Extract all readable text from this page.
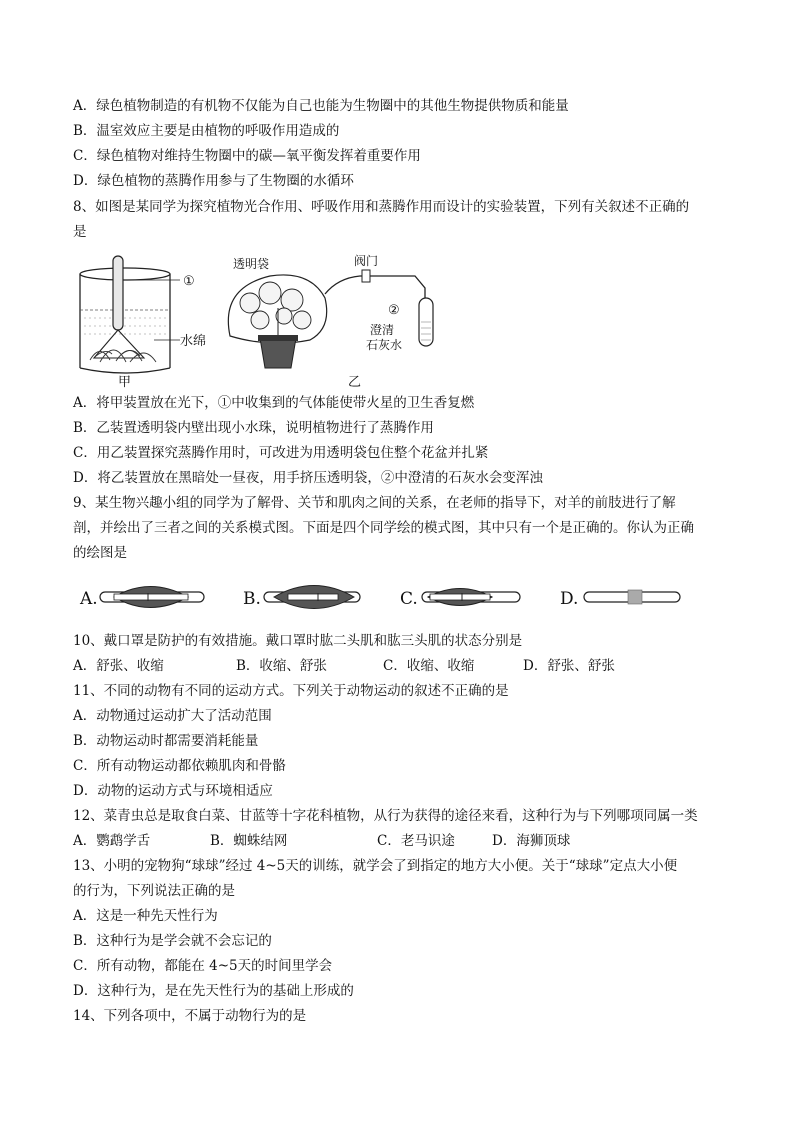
A．绿色植物制造的有机物不仅能为自己也能为生物圈中的其他生物提供物质和能量
B．温室效应主要是由植物的呼吸作用造成的
C．绿色植物对维持生物圈中的碳—氧平衡发挥着重要作用
D．绿色植物的蒸腾作用参与了生物圈的水循环
8、如图是某同学为探究植物光合作用、呼吸作用和蒸腾作用而设计的实验装置，下列有关叙述不正确的
是
①
水绵
甲
透明袋	阀门
②
澄清
石灰水
乙
A．将甲装置放在光下，①中收集到的气体能使带火星的卫生香复燃
B．乙装置透明袋内壁出现小水珠，说明植物进行了蒸腾作用
C．用乙装置探究蒸腾作用时，可改进为用透明袋包住整个花盆并扎紧
D．将乙装置放在黑暗处一昼夜，用手挤压透明袋，②中澄清的石灰水会变浑浊
9、某生物兴趣小组的同学为了解骨、关节和肌肉之间的关系，在老师的指导下，对羊的前肢进行了解
剖，并绘出了三者之间的关系模式图。下面是四个同学绘的模式图，其中只有一个是正确的。你认为正确
的绘图是
A.	B.	C.	D.
10、戴口罩是防护的有效措施。戴口罩时肱二头肌和肱三头肌的状态分别是
A．舒张、收缩	B．收缩、舒张	C．收缩、收缩	D．舒张、舒张
11、不同的动物有不同的运动方式。下列关于动物运动的叙述不正确的是
A．动物通过运动扩大了活动范围
B．动物运动时都需要消耗能量
C．所有动物运动都依赖肌肉和骨骼
D．动物的运动方式与环境相适应
12、菜青虫总是取食白菜、甘蓝等十字花科植物，从行为获得的途径来看，这种行为与下列哪项同属一类
A．鹦鹉学舌	B．蜘蛛结网	C．老马识途	D．海狮顶球
13、小明的宠物狗“球球”经过 4~5天的训练，就学会了到指定的地方大小便。关于“球球”定点大小便
的行为，下列说法正确的是
A．这是一种先天性行为
B．这种行为是学会就不会忘记的
C．所有动物，都能在 4~5天的时间里学会
D．这种行为，是在先天性行为的基础上形成的
14、下列各项中，不属于动物行为的是
